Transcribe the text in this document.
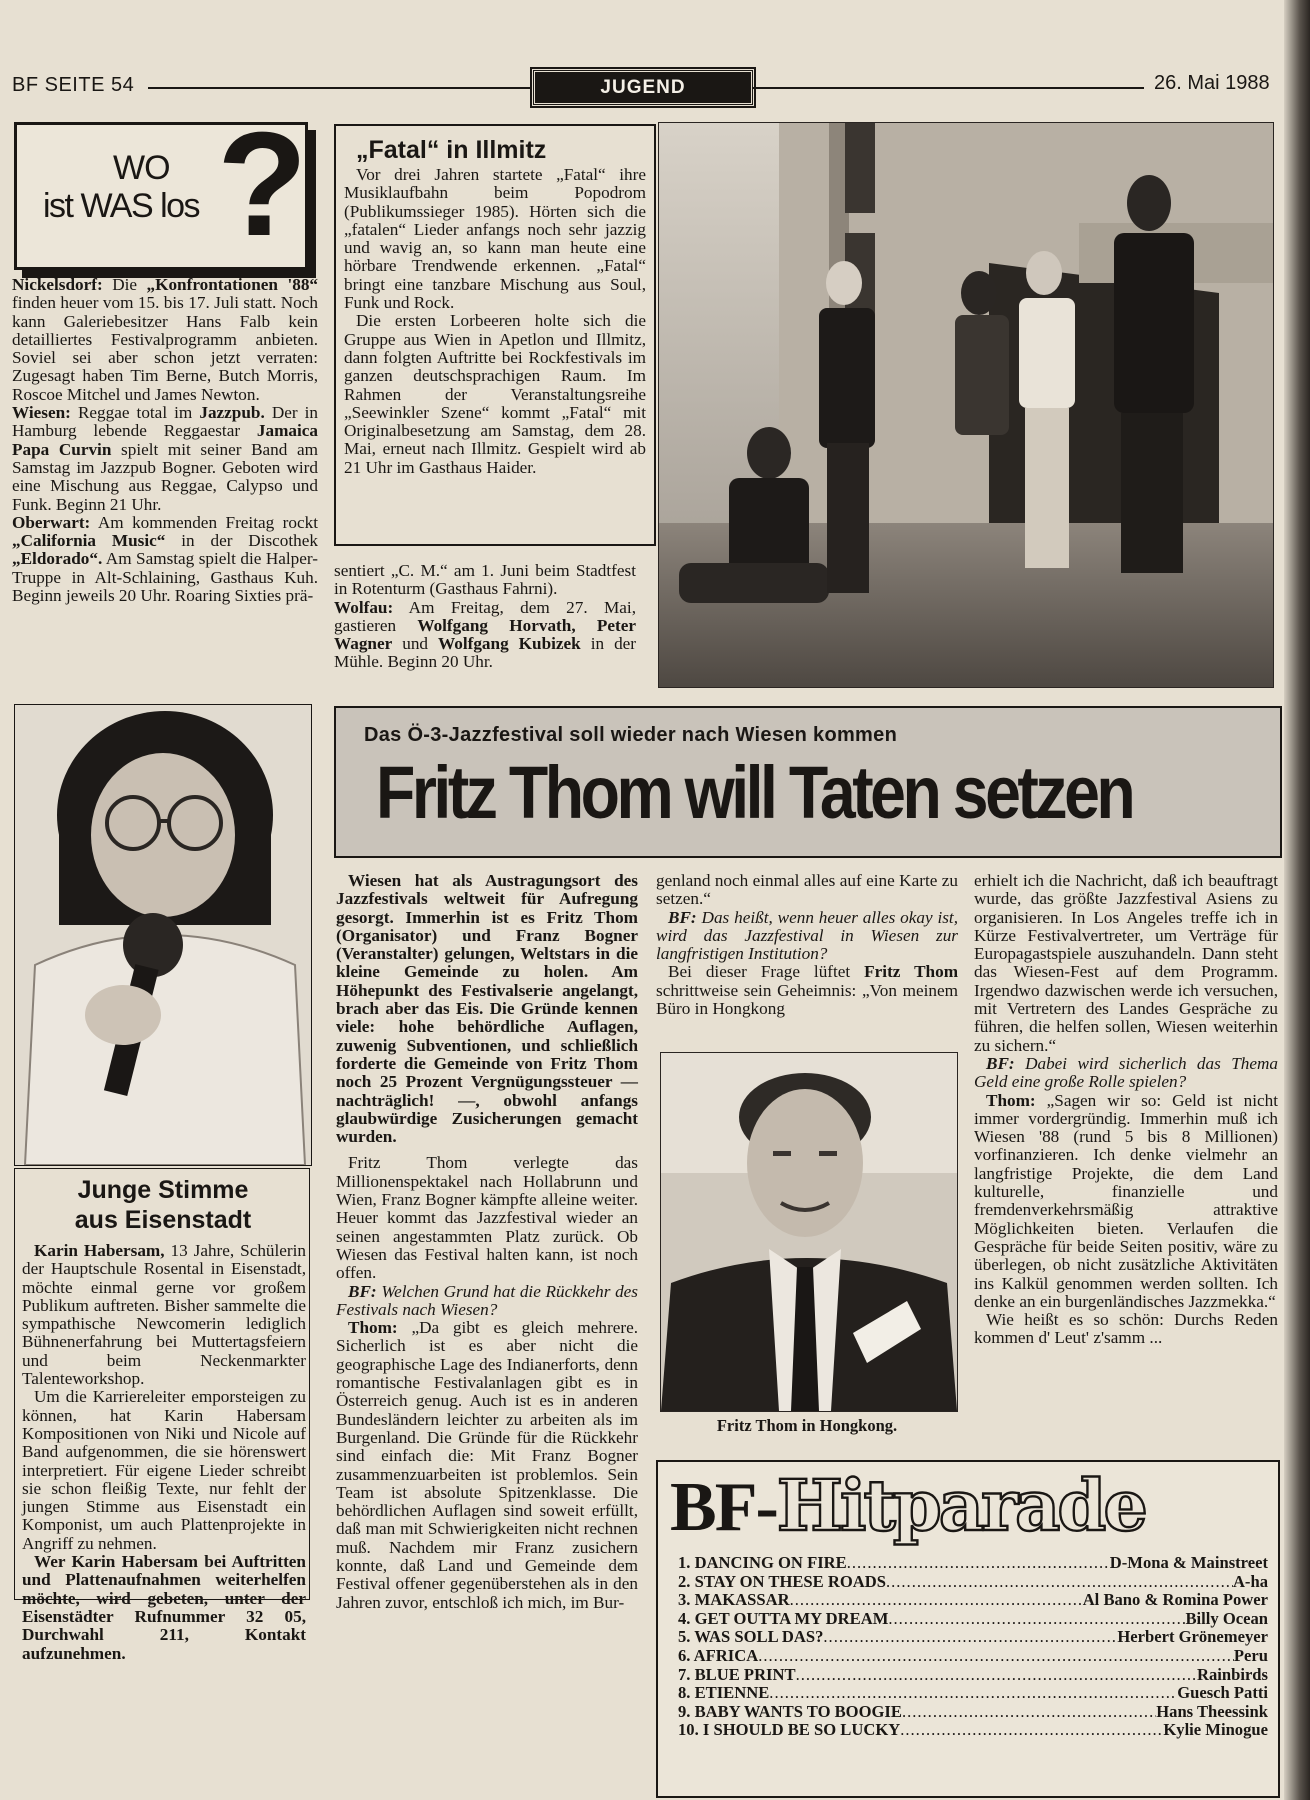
BF SEITE 54	JUGEND	26. Mai 1988
WO
ist WAS los ?

Nickelsdorf: Die „Konfrontationen '88“ finden heuer vom 15. bis 17. Juli statt. Noch kann Galeriebesitzer Hans Falb kein detailliertes Festivalprogramm anbieten. Soviel sei aber schon jetzt verraten: Zugesagt haben Tim Berne, Butch Morris, Roscoe Mitchel und James Newton.

Wiesen: Reggae total im Jazzpub. Der in Hamburg lebende Reggaestar Jamaica Papa Curvin spielt mit seiner Band am Samstag im Jazzpub Bogner. Geboten wird eine Mischung aus Reggae, Calypso und Funk. Beginn 21 Uhr.

Oberwart: Am kommenden Freitag rockt „California Music“ in der Discothek „Eldorado“. Am Samstag spielt die Halper-Truppe in Alt-Schlaining, Gasthaus Kuh. Beginn jeweils 20 Uhr. Roaring Sixties prä-

„Fatal“ in Illmitz

Vor drei Jahren startete „Fatal“ ihre Musiklaufbahn beim Popodrom (Publikumssieger 1985). Hörten sich die „fatalen“ Lieder anfangs noch sehr jazzig und wavig an, so kann man heute eine hörbare Trendwende erkennen. „Fatal“ bringt eine tanzbare Mischung aus Soul, Funk und Rock.

Die ersten Lorbeeren holte sich die Gruppe aus Wien in Apetlon und Illmitz, dann folgten Auftritte bei Rockfestivals im ganzen deutschsprachigen Raum. Im Rahmen der Veranstaltungsreihe „Seewinkler Szene“ kommt „Fatal“ mit Originalbesetzung am Samstag, dem 28. Mai, erneut nach Illmitz. Gespielt wird ab 21 Uhr im Gasthaus Haider.

sentiert „C. M.“ am 1. Juni beim Stadtfest in Rotenturm (Gasthaus Fahrni).

Wolfau: Am Freitag, dem 27. Mai, gastieren Wolfgang Horvath, Peter Wagner und Wolfgang Kubizek in der Mühle. Beginn 20 Uhr.

Junge Stimme
aus Eisenstadt

Karin Habersam, 13 Jahre, Schülerin der Hauptschule Rosental in Eisenstadt, möchte einmal gerne vor großem Publikum auftreten. Bisher sammelte die sympathische Newcomerin lediglich Bühnenerfahrung bei Muttertagsfeiern und beim Neckenmarkter Talenteworkshop.

Um die Karriereleiter emporsteigen zu können, hat Karin Habersam Kompositionen von Niki und Nicole auf Band aufgenommen, die sie hörenswert interpretiert. Für eigene Lieder schreibt sie schon fleißig Texte, nur fehlt der jungen Stimme aus Eisenstadt ein Komponist, um auch Plattenprojekte in Angriff zu nehmen.

Wer Karin Habersam bei Auftritten und Plattenaufnahmen weiterhelfen möchte, wird gebeten, unter der Eisenstädter Rufnummer 32 05, Durchwahl 211, Kontakt aufzunehmen.

Das Ö-3-Jazzfestival soll wieder nach Wiesen kommen
Fritz Thom will Taten setzen

Wiesen hat als Austragungsort des Jazzfestivals weltweit für Aufregung gesorgt. Immerhin ist es Fritz Thom (Organisator) und Franz Bogner (Veranstalter) gelungen, Weltstars in die kleine Gemeinde zu holen. Am Höhepunkt des Festivalserie angelangt, brach aber das Eis. Die Gründe kennen viele: hohe behördliche Auflagen, zuwenig Subventionen, und schließlich forderte die Gemeinde von Fritz Thom noch 25 Prozent Vergnügungssteuer — nachträglich! —, obwohl anfangs glaubwürdige Zusicherungen gemacht wurden.

Fritz Thom verlegte das Millionenspektakel nach Hollabrunn und Wien, Franz Bogner kämpfte alleine weiter. Heuer kommt das Jazzfestival wieder an seinen angestammten Platz zurück. Ob Wiesen das Festival halten kann, ist noch offen.

BF: Welchen Grund hat die Rückkehr des Festivals nach Wiesen?

Thom: „Da gibt es gleich mehrere. Sicherlich ist es aber nicht die geographische Lage des Indianerforts, denn romantische Festivalanlagen gibt es in Österreich genug. Auch ist es in anderen Bundesländern leichter zu arbeiten als im Burgenland. Die Gründe für die Rückkehr sind einfach die: Mit Franz Bogner zusammenzuarbeiten ist problemlos. Sein Team ist absolute Spitzenklasse. Die behördlichen Auflagen sind soweit erfüllt, daß man mit Schwierigkeiten nicht rechnen muß. Nachdem mir Franz zusichern konnte, daß Land und Gemeinde dem Festival offener gegenüberstehen als in den Jahren zuvor, entschloß ich mich, im Bur-

genland noch einmal alles auf eine Karte zu setzen.“

BF: Das heißt, wenn heuer alles okay ist, wird das Jazzfestival in Wiesen zur langfristigen Institution?

Bei dieser Frage lüftet Fritz Thom schrittweise sein Geheimnis: „Von meinem Büro in Hongkong

Fritz Thom in Hongkong.

erhielt ich die Nachricht, daß ich beauftragt wurde, das größte Jazzfestival Asiens zu organisieren. In Los Angeles treffe ich in Kürze Festivalvertreter, um Verträge für Europagastspiele auszuhandeln. Dann steht das Wiesen-Fest auf dem Programm. Irgendwo dazwischen werde ich versuchen, mit Vertretern des Landes Gespräche zu führen, die helfen sollen, Wiesen weiterhin zu sichern.“

BF: Dabei wird sicherlich das Thema Geld eine große Rolle spielen?

Thom: „Sagen wir so: Geld ist nicht immer vordergründig. Immerhin muß ich Wiesen '88 (rund 5 bis 8 Millionen) vorfinanzieren. Ich denke vielmehr an langfristige Projekte, die dem Land kulturelle, finanzielle und fremdenverkehrsmäßig attraktive Möglichkeiten bieten. Verlaufen die Gespräche für beide Seiten positiv, wäre zu überlegen, ob nicht zusätzliche Aktivitäten ins Kalkül genommen werden sollten. Ich denke an ein burgenländisches Jazzmekka.“

Wie heißt es so schön: Durchs Reden kommen d' Leut' z'samm ...

BF-Hitparade
1. DANCING ON FIRE .....	D-Mona & Mainstreet
2. STAY ON THESE ROADS .....	A-ha
3. MAKASSAR .....	Al Bano & Romina Power
4. GET OUTTA MY DREAM .....	Billy Ocean
5. WAS SOLL DAS? .....	Herbert Grönemeyer
6. AFRICA .....	Peru
7. BLUE PRINT .....	Rainbirds
8. ETIENNE .....	Guesch Patti
9. BABY WANTS TO BOOGIE .....	Hans Theessink
10. I SHOULD BE SO LUCKY .....	Kylie Minogue
